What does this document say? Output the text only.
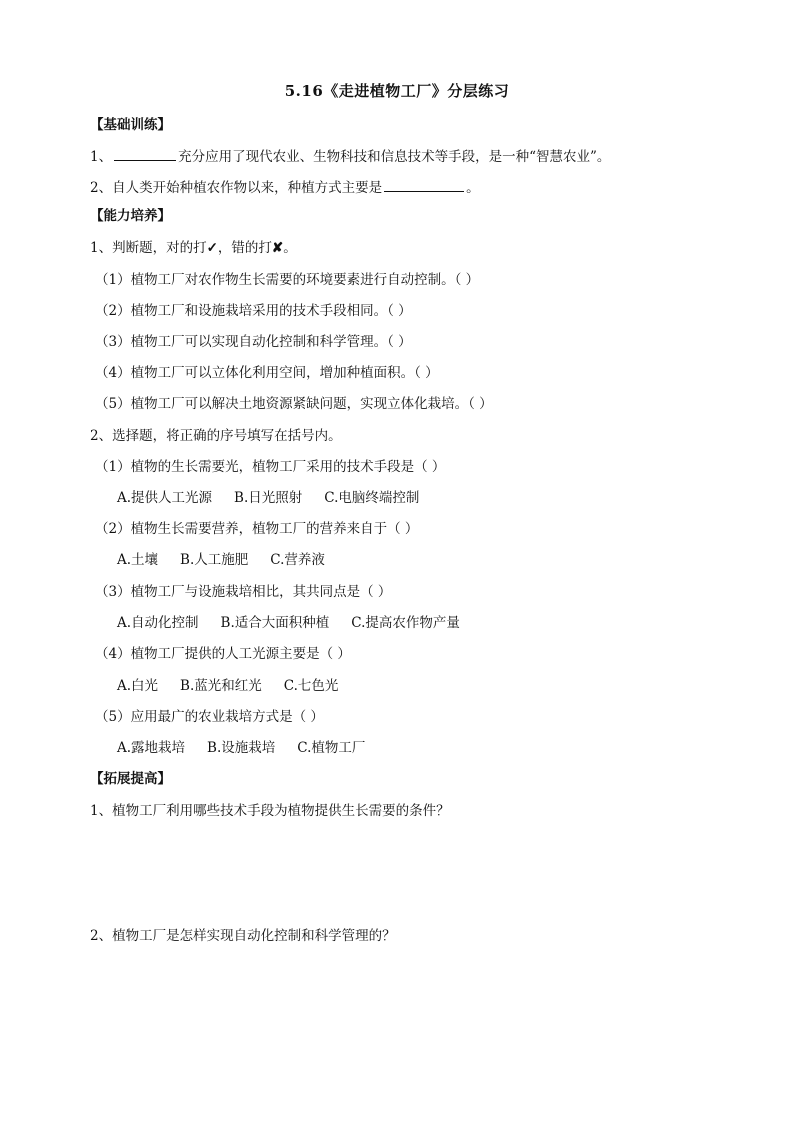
5.16《走进植物工厂》分层练习
【基础训练】
1、	充分应用了现代农业、生物科技和信息技术等手段，是一种“智慧农业”。
2、自人类开始种植农作物以来，种植方式主要是	。
【能力培养】
1、判断题，对的打✓，错的打✘。
（1）植物工厂对农作物生长需要的环境要素进行自动控制。（ ）
（2）植物工厂和设施栽培采用的技术手段相同。（ ）
（3）植物工厂可以实现自动化控制和科学管理。（ ）
（4）植物工厂可以立体化利用空间，增加种植面积。（ ）
（5）植物工厂可以解决土地资源紧缺问题，实现立体化栽培。（ ）
2、选择题，将正确的序号填写在括号内。
（1）植物的生长需要光，植物工厂采用的技术手段是（ ）
A.提供人工光源 B.日光照射 C.电脑终端控制
（2）植物生长需要营养，植物工厂的营养来自于（ ）
A.土壤 B.人工施肥 C.营养液
（3）植物工厂与设施栽培相比，其共同点是（ ）
A.自动化控制 B.适合大面积种植 C.提高农作物产量
（4）植物工厂提供的人工光源主要是（ ）
A.白光 B.蓝光和红光 C.七色光
（5）应用最广的农业栽培方式是（ ）
A.露地栽培 B.设施栽培 C.植物工厂
【拓展提高】
1、植物工厂利用哪些技术手段为植物提供生长需要的条件？
2、植物工厂是怎样实现自动化控制和科学管理的？
